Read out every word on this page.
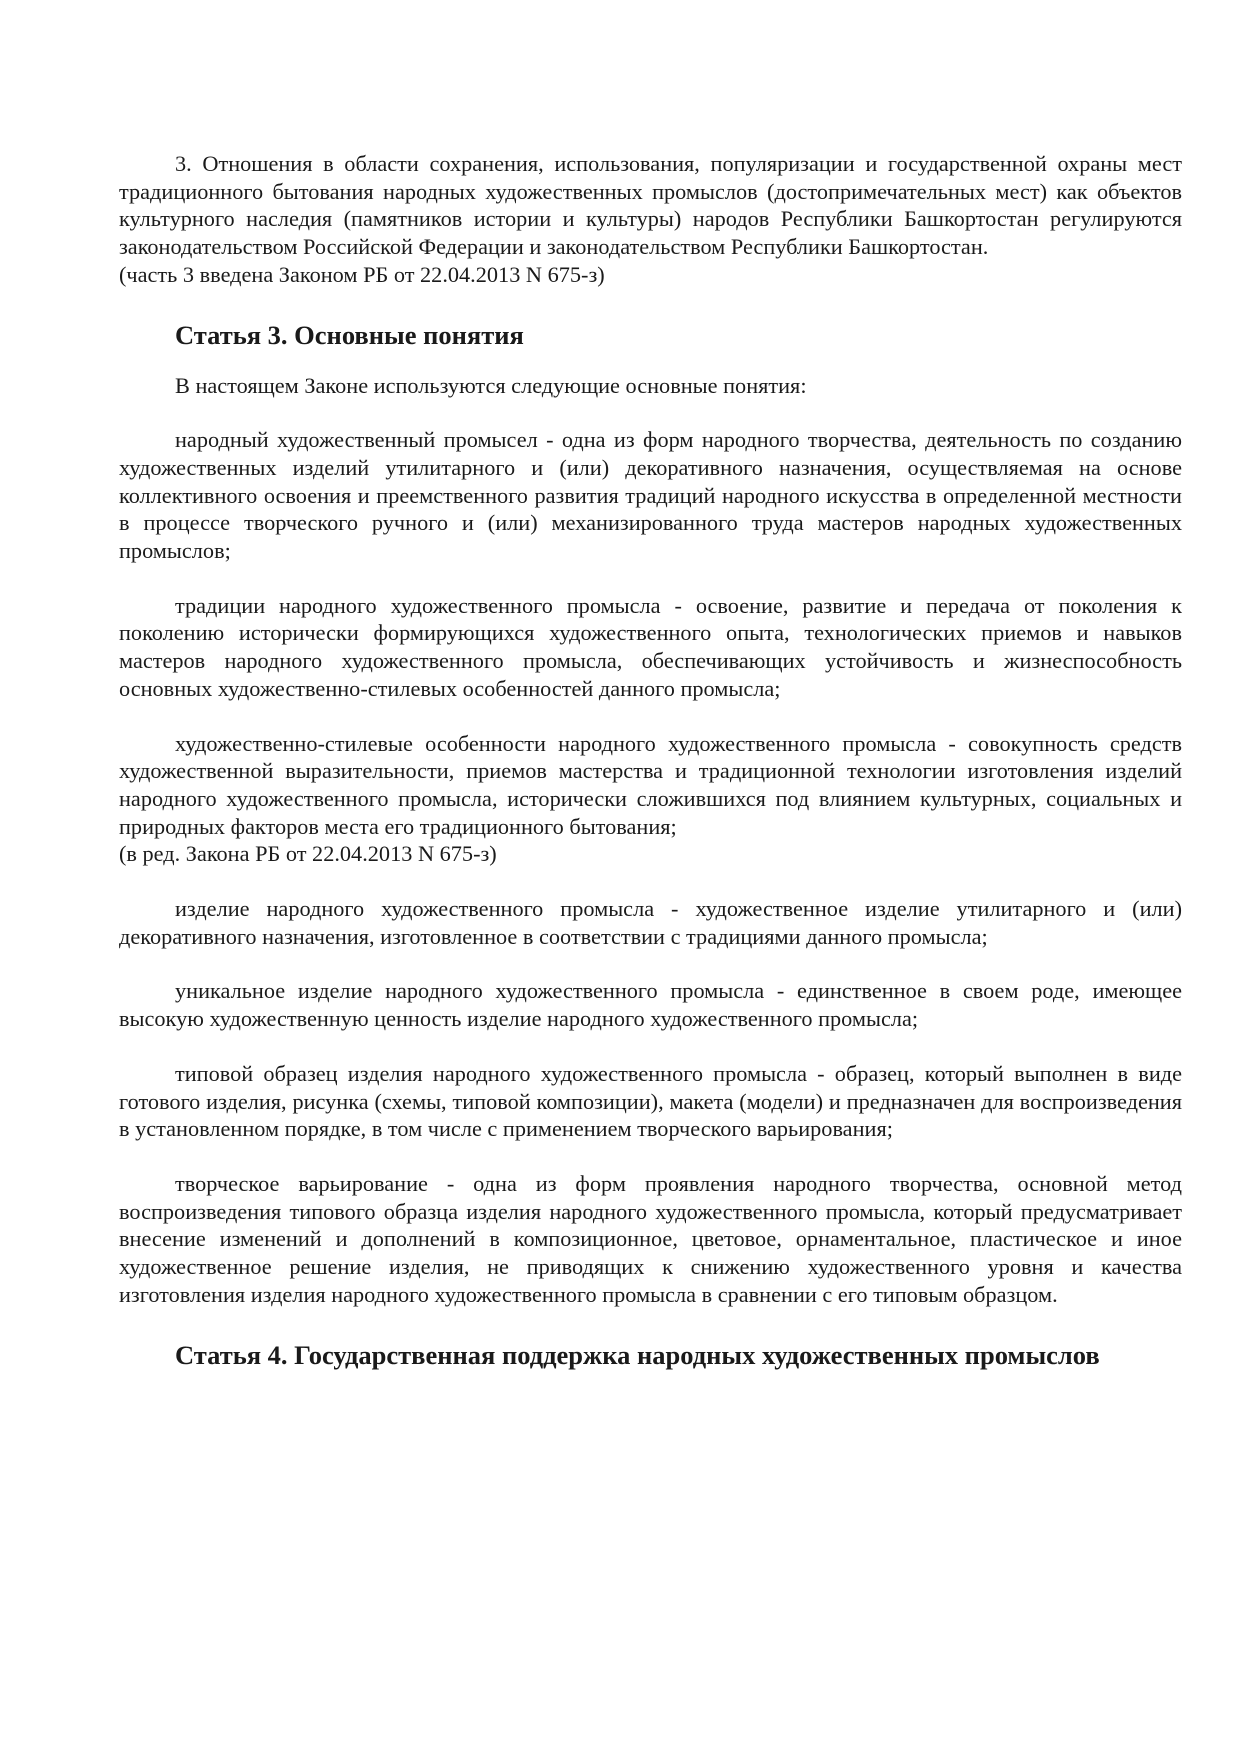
3. Отношения в области сохранения, использования, популяризации и государственной охраны мест традиционного бытования народных художественных промыслов (достопримечательных мест) как объектов культурного наследия (памятников истории и культуры) народов Республики Башкортостан регулируются законодательством Российской Федерации и законодательством Республики Башкортостан.

(часть 3 введена Законом РБ от 22.04.2013 N 675-з)

Статья 3. Основные понятия

В настоящем Законе используются следующие основные понятия:

народный художественный промысел - одна из форм народного творчества, деятельность по созданию художественных изделий утилитарного и (или) декоративного назначения, осуществляемая на основе коллективного освоения и преемственного развития традиций народного искусства в определенной местности в процессе творческого ручного и (или) механизированного труда мастеров народных художественных промыслов;

традиции народного художественного промысла - освоение, развитие и передача от поколения к поколению исторически формирующихся художественного опыта, технологических приемов и навыков мастеров народного художественного промысла, обеспечивающих устойчивость и жизнеспособность основных художественно-стилевых особенностей данного промысла;

художественно-стилевые особенности народного художественного промысла - совокупность средств художественной выразительности, приемов мастерства и традиционной технологии изготовления изделий народного художественного промысла, исторически сложившихся под влиянием культурных, социальных и природных факторов места его традиционного бытования;

(в ред. Закона РБ от 22.04.2013 N 675-з)

изделие народного художественного промысла - художественное изделие утилитарного и (или) декоративного назначения, изготовленное в соответствии с традициями данного промысла;

уникальное изделие народного художественного промысла - единственное в своем роде, имеющее высокую художественную ценность изделие народного художественного промысла;

типовой образец изделия народного художественного промысла - образец, который выполнен в виде готового изделия, рисунка (схемы, типовой композиции), макета (модели) и предназначен для воспроизведения в установленном порядке, в том числе с применением творческого варьирования;

творческое варьирование - одна из форм проявления народного творчества, основной метод воспроизведения типового образца изделия народного художественного промысла, который предусматривает внесение изменений и дополнений в композиционное, цветовое, орнаментальное, пластическое и иное художественное решение изделия, не приводящих к снижению художественного уровня и качества изготовления изделия народного художественного промысла в сравнении с его типовым образцом.

Статья 4. Государственная поддержка народных художественных промыслов
